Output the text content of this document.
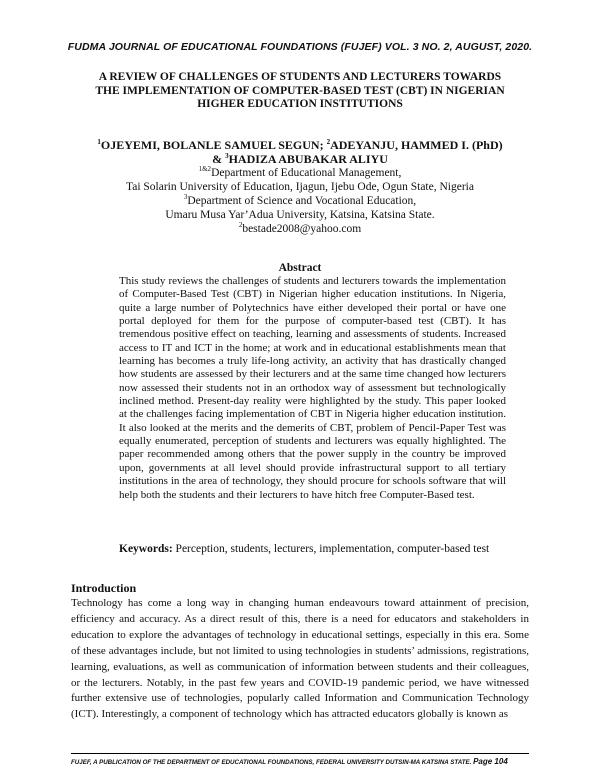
FUDMA JOURNAL OF EDUCATIONAL FOUNDATIONS (FUJEF) VOL. 3 NO. 2, AUGUST, 2020.
A REVIEW OF CHALLENGES OF STUDENTS AND LECTURERS TOWARDS THE IMPLEMENTATION OF COMPUTER-BASED TEST (CBT) IN NIGERIAN HIGHER EDUCATION INSTITUTIONS
$^1$OJEYEMI, BOLANLE SAMUEL SEGUN; $^2$ADEYANJU, HAMMED I. (PhD)
& $^3$HADIZA ABUBAKAR ALIYU
$^{1\&2}$Department of Educational Management,
Tai Solarin University of Education, Ijagun, Ijebu Ode, Ogun State, Nigeria
$^3$Department of Science and Vocational Education,
Umaru Musa Yar’Adua University, Katsina, Katsina State.
$^2$bestade2008@yahoo.com
Abstract

This study reviews the challenges of students and lecturers towards the implementation of Computer-Based Test (CBT) in Nigerian higher education institutions. In Nigeria, quite a large number of Polytechnics have either developed their portal or have one portal deployed for them for the purpose of computer-based test (CBT). It has tremendous positive effect on teaching, learning and assessments of students. Increased access to IT and ICT in the home; at work and in educational establishments mean that learning has becomes a truly life-long activity, an activity that has drastically changed how students are assessed by their lecturers and at the same time changed how lecturers now assessed their students not in an orthodox way of assessment but technologically inclined method. Present-day reality were highlighted by the study. This paper looked at the challenges facing implementation of CBT in Nigeria higher education institution. It also looked at the merits and the demerits of CBT, problem of Pencil-Paper Test was equally enumerated, perception of students and lecturers was equally highlighted. The paper recommended among others that the power supply in the country be improved upon, governments at all level should provide infrastructural support to all tertiary institutions in the area of technology, they should procure for schools software that will help both the students and their lecturers to have hitch free Computer-Based test.

Keywords: Perception, students, lecturers, implementation, computer-based test
Introduction

Technology has come a long way in changing human endeavours toward attainment of precision, efficiency and accuracy. As a direct result of this, there is a need for educators and stakeholders in education to explore the advantages of technology in educational settings, especially in this era. Some of these advantages include, but not limited to using technologies in students’ admissions, registrations, learning, evaluations, as well as communication of information between students and their colleagues, or the lecturers. Notably, in the past few years and COVID-19 pandemic period, we have witnessed further extensive use of technologies, popularly called Information and Communication Technology (ICT). Interestingly, a component of technology which has attracted educators globally is known as

FUJEF, A PUBLICATION OF THE DEPARTMENT OF EDUCATIONAL FOUNDATIONS, FEDERAL UNIVERSITY DUTSIN-MA KATSINA STATE. Page 104
